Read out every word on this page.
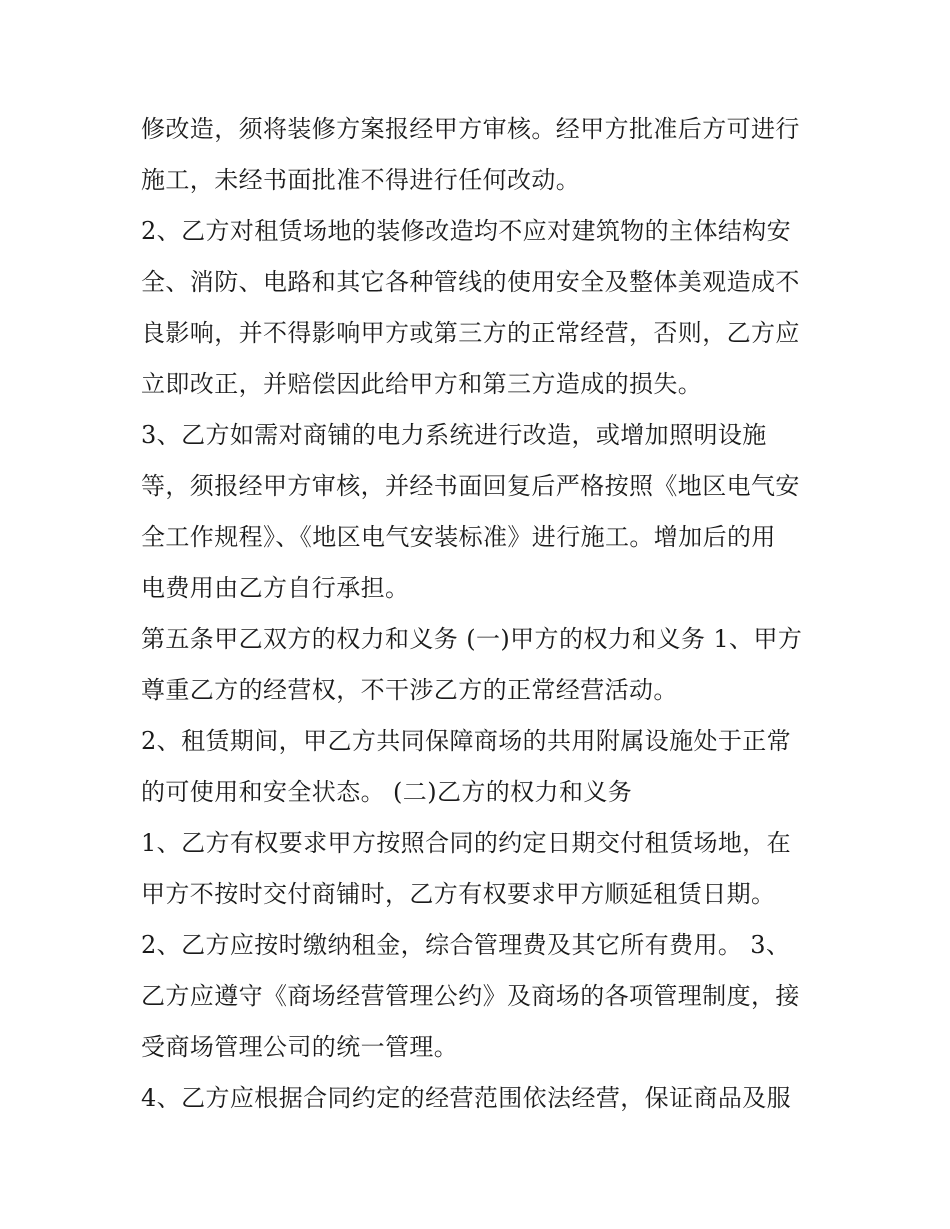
修改造，须将装修方案报经甲方审核。经甲方批准后方可进行
施工，未经书面批准不得进行任何改动。
2、乙方对租赁场地的装修改造均不应对建筑物的主体结构安
全、消防、电路和其它各种管线的使用安全及整体美观造成不
良影响，并不得影响甲方或第三方的正常经营，否则，乙方应
立即改正，并赔偿因此给甲方和第三方造成的损失。
3、乙方如需对商铺的电力系统进行改造，或增加照明设施
等，须报经甲方审核，并经书面回复后严格按照《地区电气安
全工作规程》、《地区电气安装标准》进行施工。增加后的用
电费用由乙方自行承担。
第五条甲乙双方的权力和义务 (一)甲方的权力和义务 1、甲方
尊重乙方的经营权，不干涉乙方的正常经营活动。
2、租赁期间，甲乙方共同保障商场的共用附属设施处于正常
的可使用和安全状态。 (二)乙方的权力和义务
1、乙方有权要求甲方按照合同的约定日期交付租赁场地，在
甲方不按时交付商铺时，乙方有权要求甲方顺延租赁日期。
2、乙方应按时缴纳租金，综合管理费及其它所有费用。 3、
乙方应遵守《商场经营管理公约》及商场的各项管理制度，接
受商场管理公司的统一管理。
4、乙方应根据合同约定的经营范围依法经营，保证商品及服
